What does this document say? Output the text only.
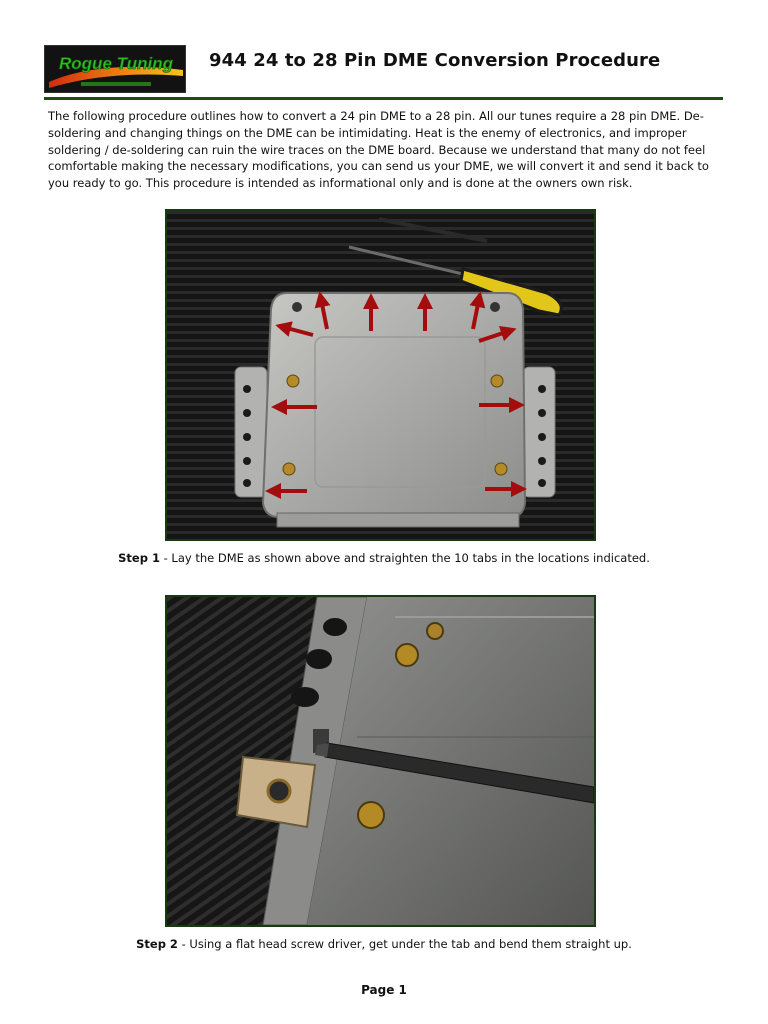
Rogue Tuning 944 24 to 28 Pin DME Conversion Procedure

The following procedure outlines how to convert a 24 pin DME to a 28 pin. All our tunes require a 28 pin DME. De-soldering and changing things on the DME can be intimidating. Heat is the enemy of electronics, and improper soldering / de-soldering can ruin the wire traces on the DME board. Because we understand that many do not feel comfortable making the necessary modifications, you can send us your DME, we will convert it and send it back to you ready to go. This procedure is intended as informational only and is done at the owners own risk.

Step 1 - Lay the DME as shown above and straighten the 10 tabs in the locations indicated.
Step 2 - Using a flat head screw driver, get under the tab and bend them straight up.
Page 1
